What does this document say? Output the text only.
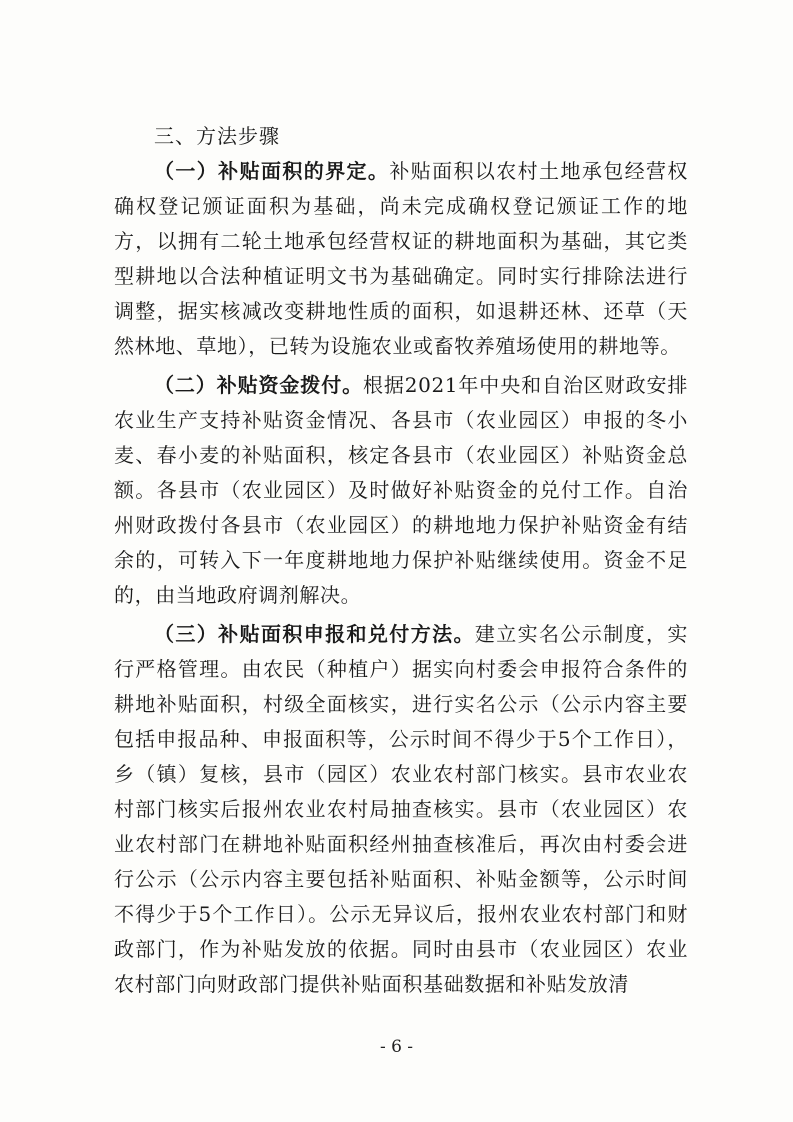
三、方法步骤

（一）补贴面积的界定。补贴面积以农村土地承包经营权确权登记颁证面积为基础，尚未完成确权登记颁证工作的地方，以拥有二轮土地承包经营权证的耕地面积为基础，其它类型耕地以合法种植证明文书为基础确定。同时实行排除法进行调整，据实核减改变耕地性质的面积，如退耕还林、还草（天然林地、草地），已转为设施农业或畜牧养殖场使用的耕地等。

（二）补贴资金拨付。根据2021年中央和自治区财政安排农业生产支持补贴资金情况、各县市（农业园区）申报的冬小麦、春小麦的补贴面积，核定各县市（农业园区）补贴资金总额。各县市（农业园区）及时做好补贴资金的兑付工作。自治州财政拨付各县市（农业园区）的耕地地力保护补贴资金有结余的，可转入下一年度耕地地力保护补贴继续使用。资金不足的，由当地政府调剂解决。

（三）补贴面积申报和兑付方法。建立实名公示制度，实行严格管理。由农民（种植户）据实向村委会申报符合条件的耕地补贴面积，村级全面核实，进行实名公示（公示内容主要包括申报品种、申报面积等，公示时间不得少于5个工作日），乡（镇）复核，县市（园区）农业农村部门核实。县市农业农村部门核实后报州农业农村局抽查核实。县市（农业园区）农业农村部门在耕地补贴面积经州抽查核准后，再次由村委会进行公示（公示内容主要包括补贴面积、补贴金额等，公示时间不得少于5个工作日）。公示无异议后，报州农业农村部门和财政部门，作为补贴发放的依据。同时由县市（农业园区）农业农村部门向财政部门提供补贴面积基础数据和补贴发放清

- 6 -
